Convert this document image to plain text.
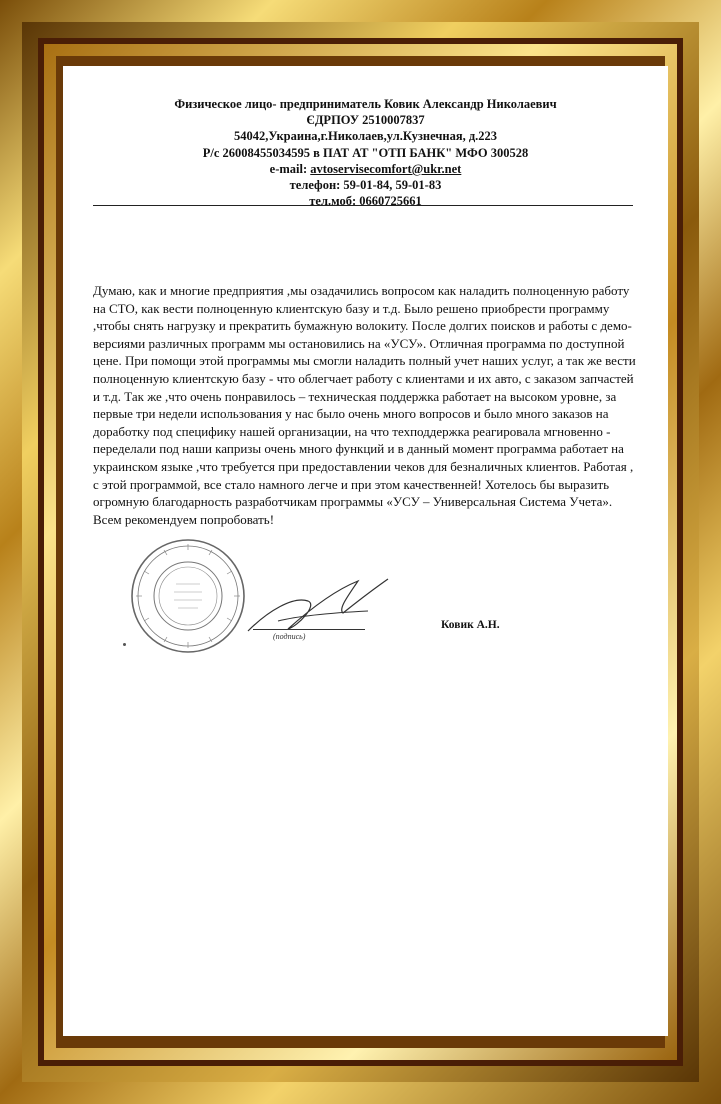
Физическое лицо- предприниматель Ковик Александр Николаевич
ЄДРПОУ 2510007837
54042,Украина,г.Николаев,ул.Кузнечная, д.223
Р/с 26008455034595 в ПАТ АТ "ОТП БАНК" МФО 300528
e-mail: avtoservisecomfort@ukr.net
телефон: 59-01-84, 59-01-83
тел.моб: 0660725661

Думаю, как и многие предприятия ,мы озадачились вопросом как наладить полноценную работу на СТО, как вести полноценную клиентскую базу и т.д. Было решено приобрести программу ,чтобы снять нагрузку и прекратить бумажную волокиту. После долгих поисков и работы с демо-версиями различных программ мы остановились на «УСУ». Отличная программа по доступной цене. При помощи этой программы мы смогли наладить полный учет наших услуг, а так же вести полноценную клиентскую базу - что облегчает работу с клиентами и их авто, с заказом запчастей и т.д. Так же ,что очень понравилось – техническая поддержка работает на высоком уровне, за первые три недели использования у нас было очень много вопросов и было много заказов на доработку под специфику нашей организации, на что техподдержка реагировала мгновенно - переделали под наши капризы очень много функций и в данный момент программа работает на украинском языке ,что требуется при предоставлении чеков для безналичных клиентов. Работая , с этой программой, все стало намного легче и при этом качественней! Хотелось бы выразить огромную благодарность разработчикам программы «УСУ – Универсальная Система Учета». Всем рекомендуем попробовать!

(подпись)
Ковик А.Н.
